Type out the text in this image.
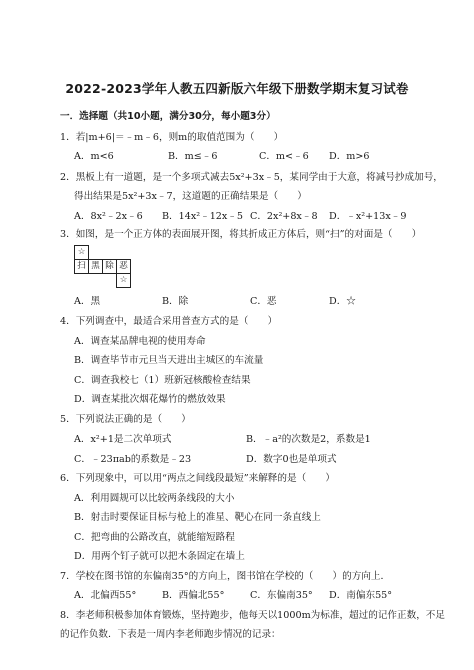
2022-2023学年人教五四新版六年级下册数学期末复习试卷
一．选择题（共10小题，满分30分，每小题3分）
1．若|m+6|＝﹣m﹣6，则m的取值范围为（　　）
A．m<6	B．m≤﹣6	C．m<﹣6 D．m>6
2．黑板上有一道题，是一个多项式减去5x²+3x﹣5，某同学由于大意，将减号抄成加号，
得出结果是5x²+3x﹣7，这道题的正确结果是（　　）
A．8x²﹣2x﹣6 B．14x²﹣12x﹣5 C．2x²+8x﹣8 D．﹣x²+13x﹣9
3．如图，是一个正方体的表面展开图，将其折成正方体后，则“扫”的对面是（　　）
☆
扫 黑 除 恶
☆
A．黑	B．除	C．恶	D．☆
4．下列调查中，最适合采用普查方式的是（　　）
A．调查某品牌电视的使用寿命
B．调查毕节市元旦当天进出主城区的车流量
C．调查我校七（1）班新冠核酸检查结果
D．调查某批次烟花爆竹的燃放效果
5．下列说法正确的是（　　）
A．x²+1是二次单项式	B．﹣a²的次数是2，系数是1
C．﹣23πab的系数是﹣23	D．数字0也是单项式
6．下列现象中，可以用“两点之间线段最短”来解释的是（　　）
A．利用圆规可以比较两条线段的大小
B．射击时要保证目标与枪上的准星、靶心在同一条直线上
C．把弯曲的公路改直，就能缩短路程
D．用两个钉子就可以把木条固定在墙上
7．学校在图书馆的东偏南35°的方向上，图书馆在学校的（　　）的方向上．
A．北偏西55°	B．西偏北55°	C．东偏南35° D．南偏东55°
8．李老师积极参加体育锻炼，坚持跑步，他每天以1000m为标准，超过的记作正数，不足
的记作负数．下表是一周内李老师跑步情况的记录：
